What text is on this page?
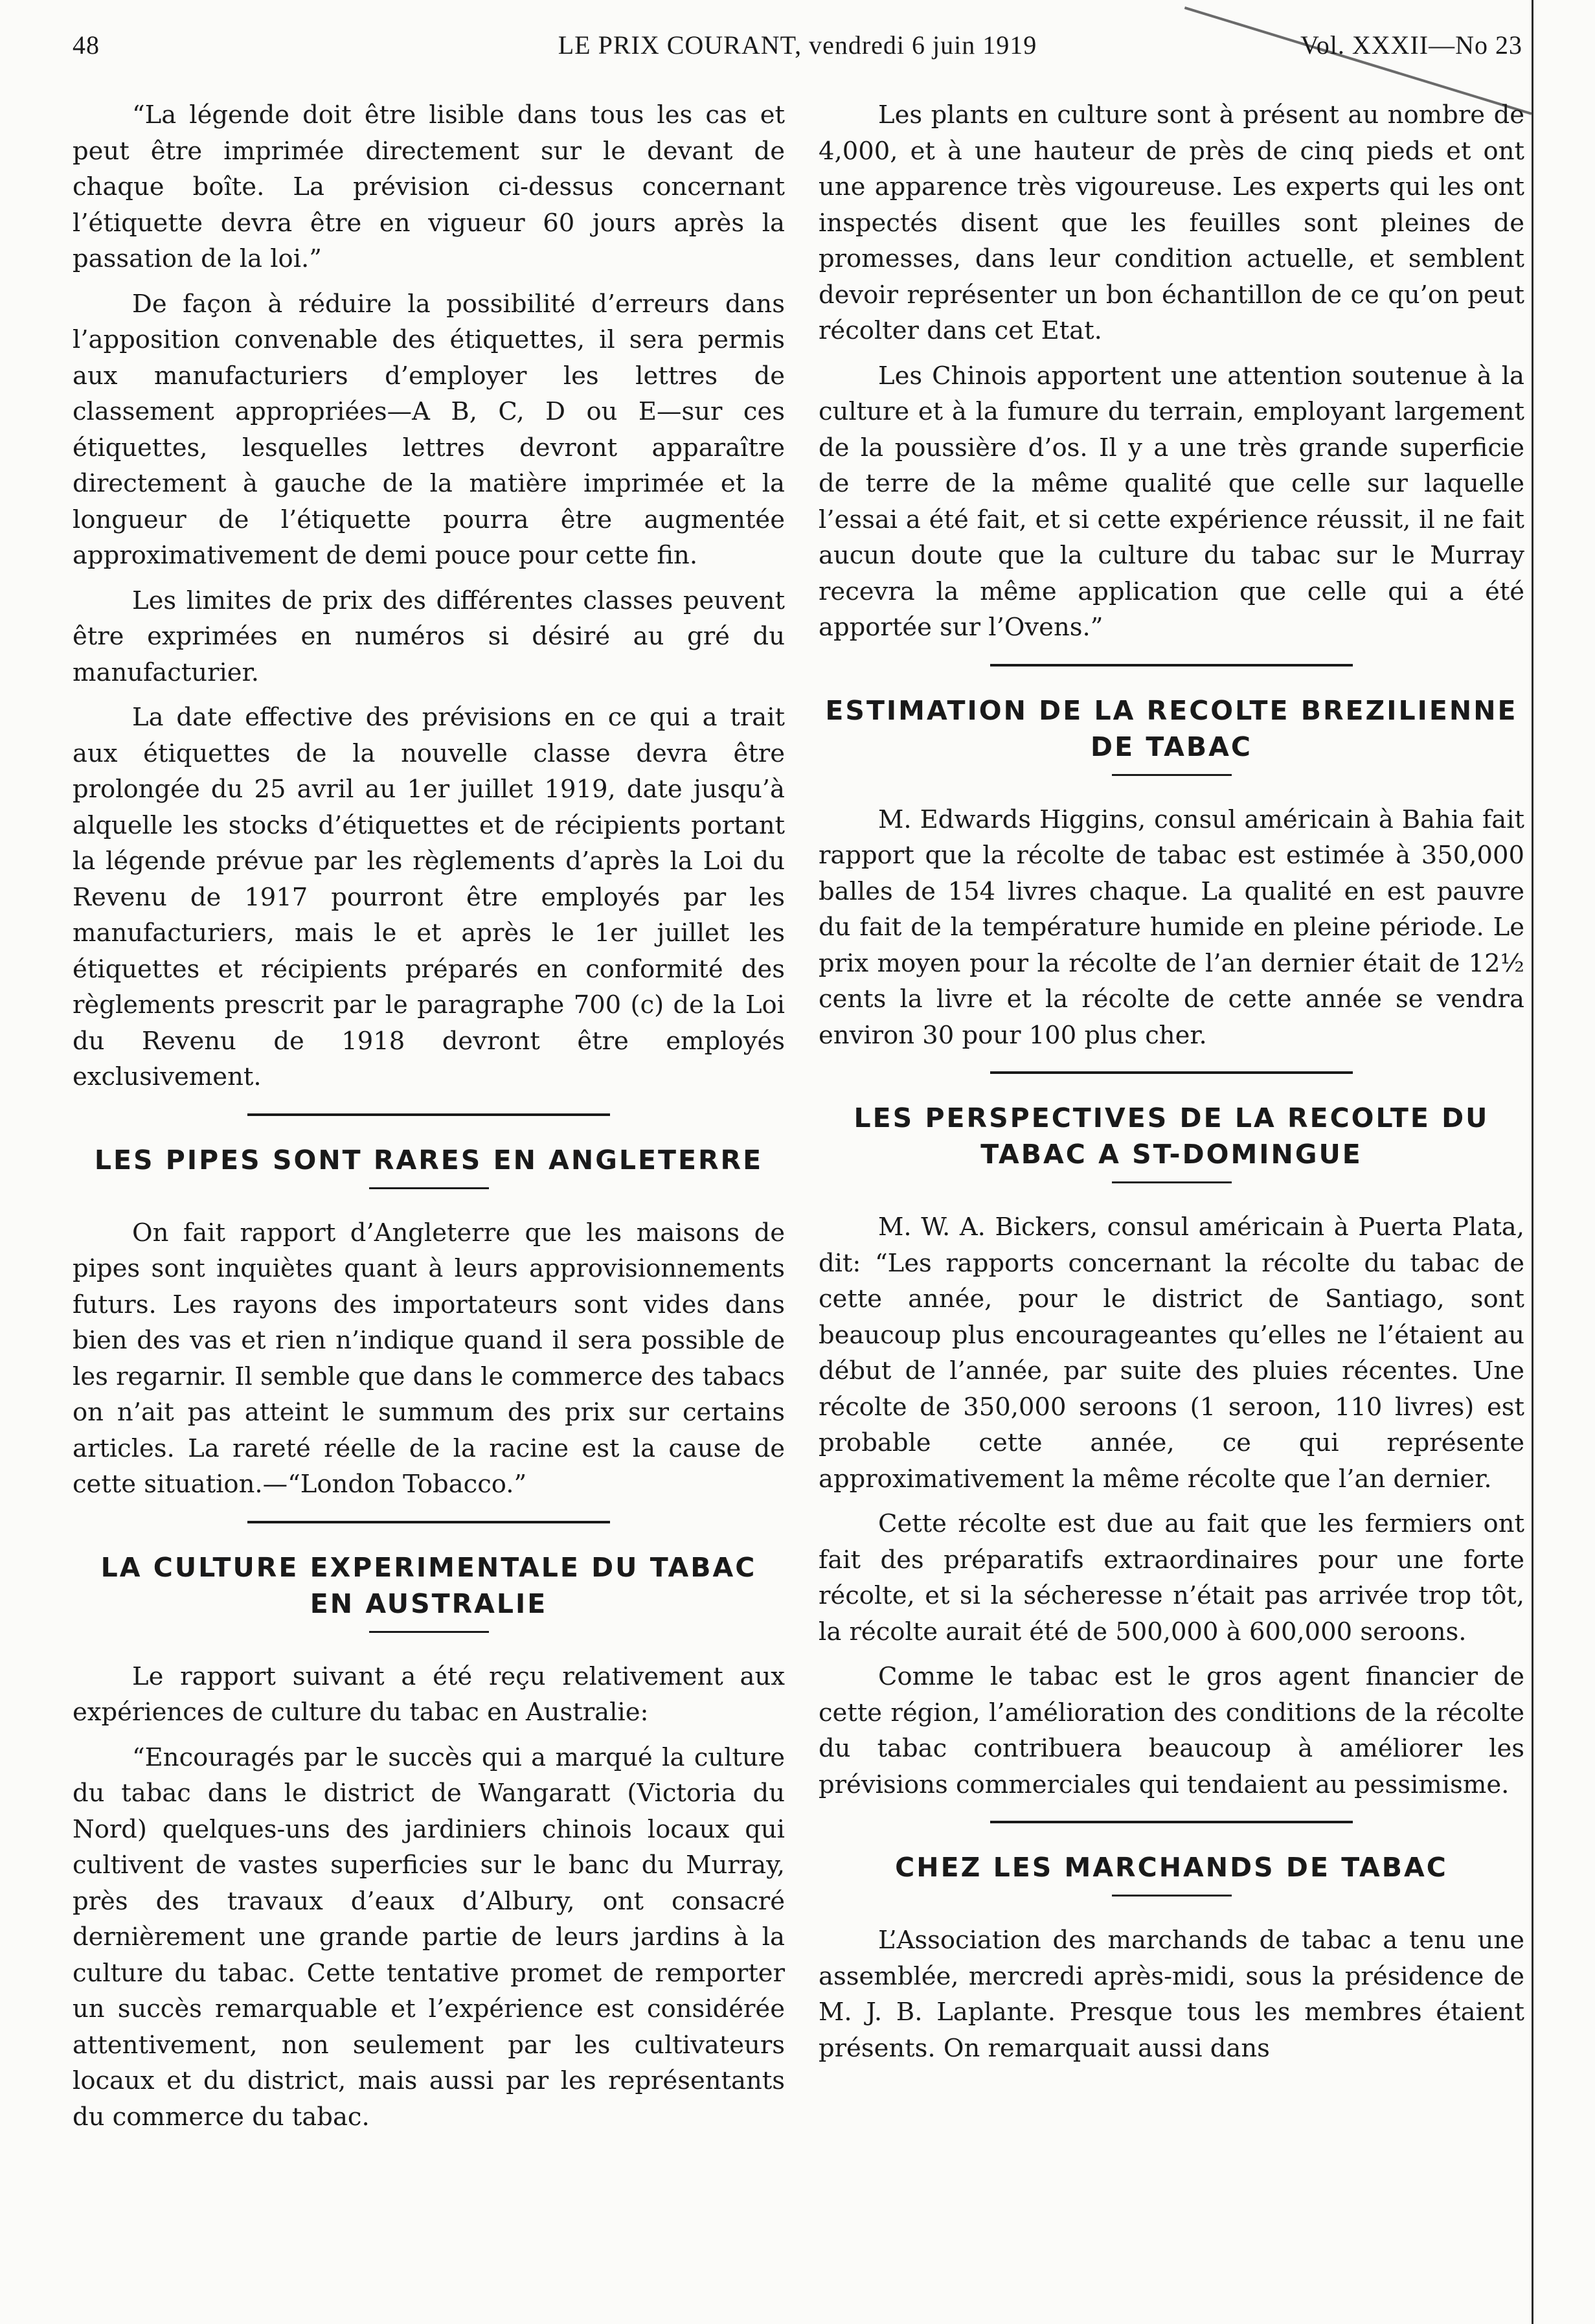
48	LE PRIX COURANT, vendredi 6 juin 1919	Vol. XXXII—No 23

“La légende doit être lisible dans tous les cas et peut être imprimée directement sur le devant de chaque boîte. La prévision ci-dessus concernant l’étiquette devra être en vigueur 60 jours après la passation de la loi.”

De façon à réduire la possibilité d’erreurs dans l’apposition convenable des étiquettes, il sera permis aux manufacturiers d’employer les lettres de classement appropriées—A B, C, D ou E—sur ces étiquettes, lesquelles lettres devront apparaître directement à gauche de la matière imprimée et la longueur de l’étiquette pourra être augmentée approximativement de demi pouce pour cette fin.

Les limites de prix des différentes classes peuvent être exprimées en numéros si désiré au gré du manufacturier.

La date effective des prévisions en ce qui a trait aux étiquettes de la nouvelle classe devra être prolongée du 25 avril au 1er juillet 1919, date jusqu’à alquelle les stocks d’étiquettes et de récipients portant la légende prévue par les règlements d’après la Loi du Revenu de 1917 pourront être employés par les manufacturiers, mais le et après le 1er juillet les étiquettes et récipients préparés en conformité des règlements prescrit par le paragraphe 700 (c) de la Loi du Revenu de 1918 devront être employés exclusivement.

LES PIPES SONT RARES EN ANGLETERRE

On fait rapport d’Angleterre que les maisons de pipes sont inquiètes quant à leurs approvisionnements futurs. Les rayons des importateurs sont vides dans bien des vas et rien n’indique quand il sera possible de les regarnir. Il semble que dans le commerce des tabacs on n’ait pas atteint le summum des prix sur certains articles. La rareté réelle de la racine est la cause de cette situation.—“London Tobacco.”

LA CULTURE EXPERIMENTALE DU TABAC
EN AUSTRALIE

Le rapport suivant a été reçu relativement aux expériences de culture du tabac en Australie:

“Encouragés par le succès qui a marqué la culture du tabac dans le district de Wangaratt (Victoria du Nord) quelques-uns des jardiniers chinois locaux qui cultivent de vastes superficies sur le banc du Murray, près des travaux d’eaux d’Albury, ont consacré dernièrement une grande partie de leurs jardins à la culture du tabac. Cette tentative promet de remporter un succès remarquable et l’expérience est considérée attentivement, non seulement par les cultivateurs locaux et du district, mais aussi par les représentants du commerce du tabac.

Les plants en culture sont à présent au nombre de 4,000, et à une hauteur de près de cinq pieds et ont une apparence très vigoureuse. Les experts qui les ont inspectés disent que les feuilles sont pleines de promesses, dans leur condition actuelle, et semblent devoir représenter un bon échantillon de ce qu’on peut récolter dans cet Etat.

Les Chinois apportent une attention soutenue à la culture et à la fumure du terrain, employant largement de la poussière d’os. Il y a une très grande superficie de terre de la même qualité que celle sur laquelle l’essai a été fait, et si cette expérience réussit, il ne fait aucun doute que la culture du tabac sur le Murray recevra la même application que celle qui a été apportée sur l’Ovens.”

ESTIMATION DE LA RECOLTE BREZILIENNE
DE TABAC

M. Edwards Higgins, consul américain à Bahia fait rapport que la récolte de tabac est estimée à 350,000 balles de 154 livres chaque. La qualité en est pauvre du fait de la température humide en pleine période. Le prix moyen pour la récolte de l’an dernier était de 12½ cents la livre et la récolte de cette année se vendra environ 30 pour 100 plus cher.

LES PERSPECTIVES DE LA RECOLTE DU
TABAC A ST-DOMINGUE

M. W. A. Bickers, consul américain à Puerta Plata, dit: “Les rapports concernant la récolte du tabac de cette année, pour le district de Santiago, sont beaucoup plus encourageantes qu’elles ne l’étaient au début de l’année, par suite des pluies récentes. Une récolte de 350,000 seroons (1 seroon, 110 livres) est probable cette année, ce qui représente approximativement la même récolte que l’an dernier.

Cette récolte est due au fait que les fermiers ont fait des préparatifs extraordinaires pour une forte récolte, et si la sécheresse n’était pas arrivée trop tôt, la récolte aurait été de 500,000 à 600,000 seroons.

Comme le tabac est le gros agent financier de cette région, l’amélioration des conditions de la récolte du tabac contribuera beaucoup à améliorer les prévisions commerciales qui tendaient au pessimisme.

CHEZ LES MARCHANDS DE TABAC

L’Association des marchands de tabac a tenu une assemblée, mercredi après-midi, sous la présidence de M. J. B. Laplante. Presque tous les membres étaient présents. On remarquait aussi dans
